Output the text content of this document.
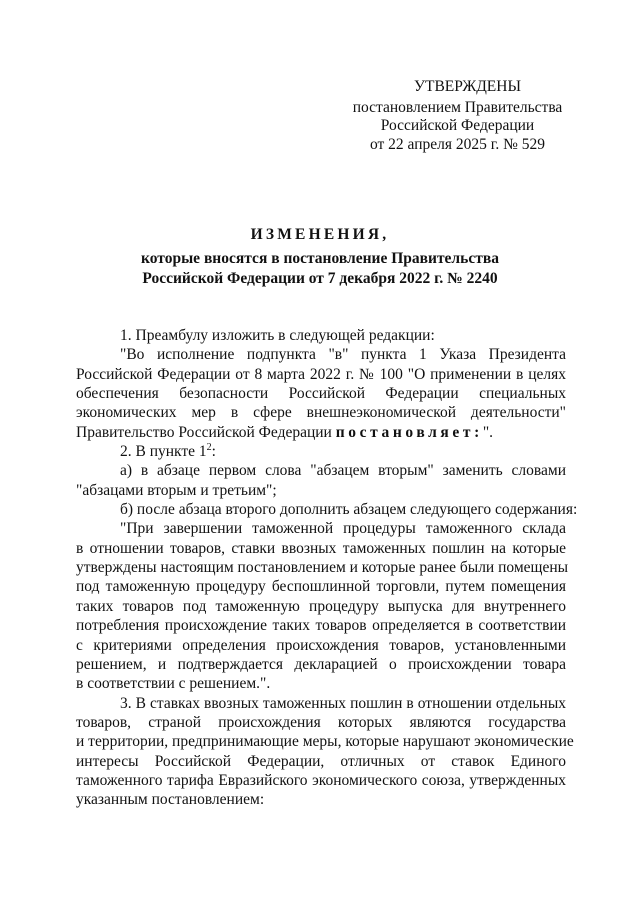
УТВЕРЖДЕНЫ
постановлением Правительства
Российской Федерации
от 22 апреля 2025 г. № 529
ИЗМЕНЕНИЯ,
которые вносятся в постановление Правительства
Российской Федерации от 7 декабря 2022 г. № 2240
1. Преамбулу изложить в следующей редакции:
"Во исполнение подпункта "в" пункта 1 Указа Президента
Российской Федерации от 8 марта 2022 г. № 100 "О применении в целях
обеспечения безопасности Российской Федерации специальных
экономических мер в сфере внешнеэкономической деятельности"
Правительство Российской Федерации постановляет:".
2. В пункте $1^2$:
а) в абзаце первом слова "абзацем вторым" заменить словами
"абзацами вторым и третьим";
б) после абзаца второго дополнить абзацем следующего содержания:
"При завершении таможенной процедуры таможенного склада
в отношении товаров, ставки ввозных таможенных пошлин на которые
утверждены настоящим постановлением и которые ранее были помещены
под таможенную процедуру беспошлинной торговли, путем помещения
таких товаров под таможенную процедуру выпуска для внутреннего
потребления происхождение таких товаров определяется в соответствии
с критериями определения происхождения товаров, установленными
решением, и подтверждается декларацией о происхождении товара
в соответствии с решением.".
3. В ставках ввозных таможенных пошлин в отношении отдельных
товаров, страной происхождения которых являются государства
и территории, предпринимающие меры, которые нарушают экономические
интересы Российской Федерации, отличных от ставок Единого
таможенного тарифа Евразийского экономического союза, утвержденных
указанным постановлением:
